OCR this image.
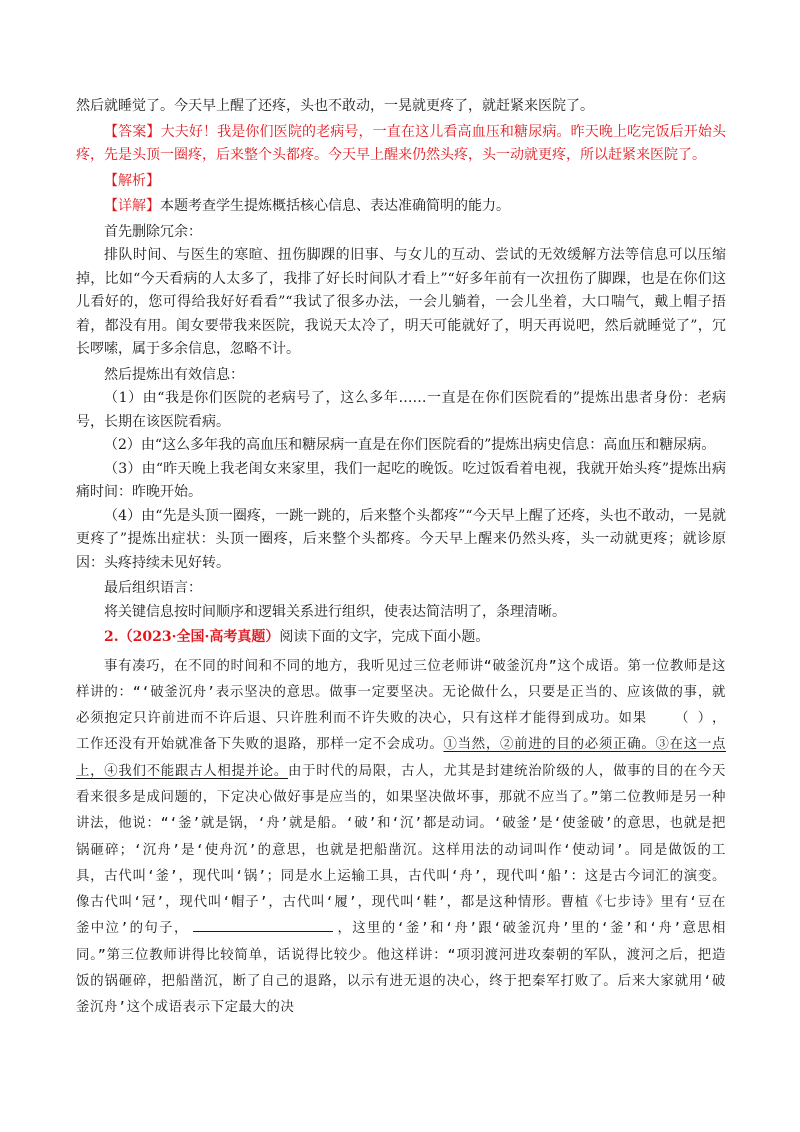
然后就睡觉了。今天早上醒了还疼，头也不敢动，一晃就更疼了，就赶紧来医院了。

【答案】大夫好！我是你们医院的老病号，一直在这儿看高血压和糖尿病。昨天晚上吃完饭后开始头疼，先是头顶一圈疼，后来整个头都疼。今天早上醒来仍然头疼，头一动就更疼，所以赶紧来医院了。

【解析】

【详解】本题考查学生提炼概括核心信息、表达准确简明的能力。

首先删除冗余：

排队时间、与医生的寒暄、扭伤脚踝的旧事、与女儿的互动、尝试的无效缓解方法等信息可以压缩掉，比如“今天看病的人太多了，我排了好长时间队才看上”“好多年前有一次扭伤了脚踝，也是在你们这儿看好的，您可得给我好好看看”“我试了很多办法，一会儿躺着，一会儿坐着，大口喘气，戴上帽子捂着，都没有用。闺女要带我来医院，我说天太冷了，明天可能就好了，明天再说吧，然后就睡觉了”，冗长啰嗦，属于多余信息，忽略不计。

然后提炼出有效信息：

（1）由“我是你们医院的老病号了，这么多年……一直是在你们医院看的”提炼出患者身份：老病号，长期在该医院看病。

（2）由“这么多年我的高血压和糖尿病一直是在你们医院看的”提炼出病史信息：高血压和糖尿病。

（3）由“昨天晚上我老闺女来家里，我们一起吃的晚饭。吃过饭看着电视，我就开始头疼”提炼出病痛时间：昨晚开始。

（4）由“先是头顶一圈疼，一跳一跳的，后来整个头都疼”“今天早上醒了还疼，头也不敢动，一晃就更疼了”提炼出症状：头顶一圈疼，后来整个头都疼。今天早上醒来仍然头疼，头一动就更疼；就诊原因：头疼持续未见好转。

最后组织语言：

将关键信息按时间顺序和逻辑关系进行组织，使表达简洁明了，条理清晰。

2.（2023·全国·高考真题）阅读下面的文字，完成下面小题。

事有凑巧，在不同的时间和不同的地方，我听见过三位老师讲“破釜沉舟”这个成语。第一位教师是这样讲的：“‘破釜沉舟’表示坚决的意思。做事一定要坚决。无论做什么，只要是正当的、应该做的事，就必须抱定只许前进而不许后退、只许胜利而不许失败的决心，只有这样才能得到成功。如果 （ ），工作还没有开始就准备下失败的退路，那样一定不会成功。①当然，②前进的目的必须正确。③在这一点上，④我们不能跟古人相提并论。由于时代的局限，古人，尤其是封建统治阶级的人，做事的目的在今天看来很多是成问题的，下定决心做好事是应当的，如果坚决做坏事，那就不应当了。”第二位教师是另一种讲法，他说：“‘釜’就是锅，‘舟’就是船。‘破’和‘沉’都是动词。‘破釜’是‘使釜破’的意思，也就是把锅砸碎；‘沉舟’是‘使舟沉’的意思，也就是把船凿沉。这样用法的动词叫作‘使动词’。同是做饭的工具，古代叫‘釜’，现代叫‘锅’；同是水上运输工具，古代叫‘舟’，现代叫‘船’：这是古今词汇的演变。像古代叫‘冠’，现代叫‘帽子’，古代叫‘履’，现代叫‘鞋’，都是这种情形。曹植《七步诗》里有‘豆在釜中泣’的句子，	，这里的‘釜’和‘舟’跟‘破釜沉舟’里的‘釜’和‘舟’意思相同。”第三位教师讲得比较简单，话说得比较少。他这样讲：“项羽渡河进攻秦朝的军队，渡河之后，把造饭的锅砸碎，把船凿沉，断了自己的退路，以示有进无退的决心，终于把秦军打败了。后来大家就用‘破釜沉舟’这个成语表示下定最大的决
